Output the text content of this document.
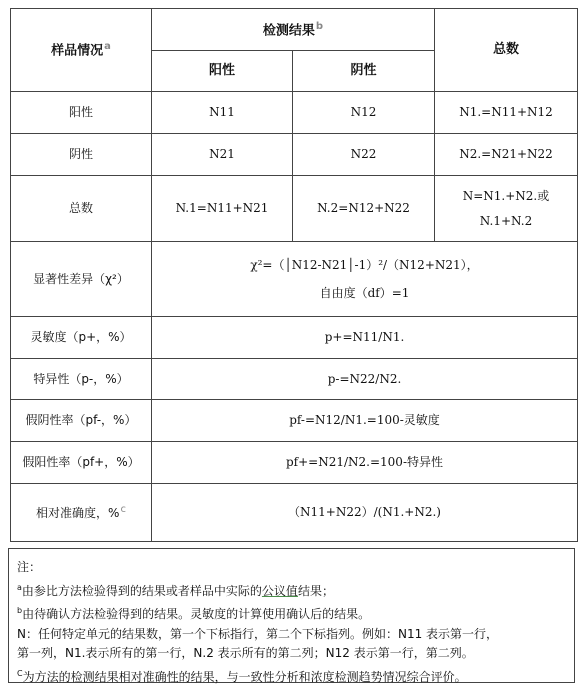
样品情况$^a$	检测结果$^b$		总数
	阳性	阴性	
阳性	N11	N12	N1.=N11+N12
阴性	N21	N22	N2.=N21+N22
总数	N.1=N11+N21	N.2=N12+N22	N=N1.+N2.或
N.1+N.2

显著性差异（χ²）	χ²=（│N12-N21│-1）²/（N12+N21），
自由度（df）=1		

灵敏度（p+，%）	p+=N11/N1.		
特异性（p-，%）	p-=N22/N2.		
假阴性率（pf-，%）	pf-=N12/N1.=100-灵敏度		
假阳性率（pf+，%）	pf+=N21/N2.=100-特异性		
相对准确度，%$^c$	（N11+N22）/(N1.+N2.)		
注：
$^a$由参比方法检验得到的结果或者样品中实际的公议值结果；
$^b$由待确认方法检验得到的结果。灵敏度的计算使用确认后的结果。
N：任何特定单元的结果数，第一个下标指行，第二个下标指列。例如：N11 表示第一行，
第一列，N1.表示所有的第一行，N.2 表示所有的第二列；N12 表示第一行，第二列。
$^C$为方法的检测结果相对准确性的结果，与一致性分析和浓度检测趋势情况综合评价。
